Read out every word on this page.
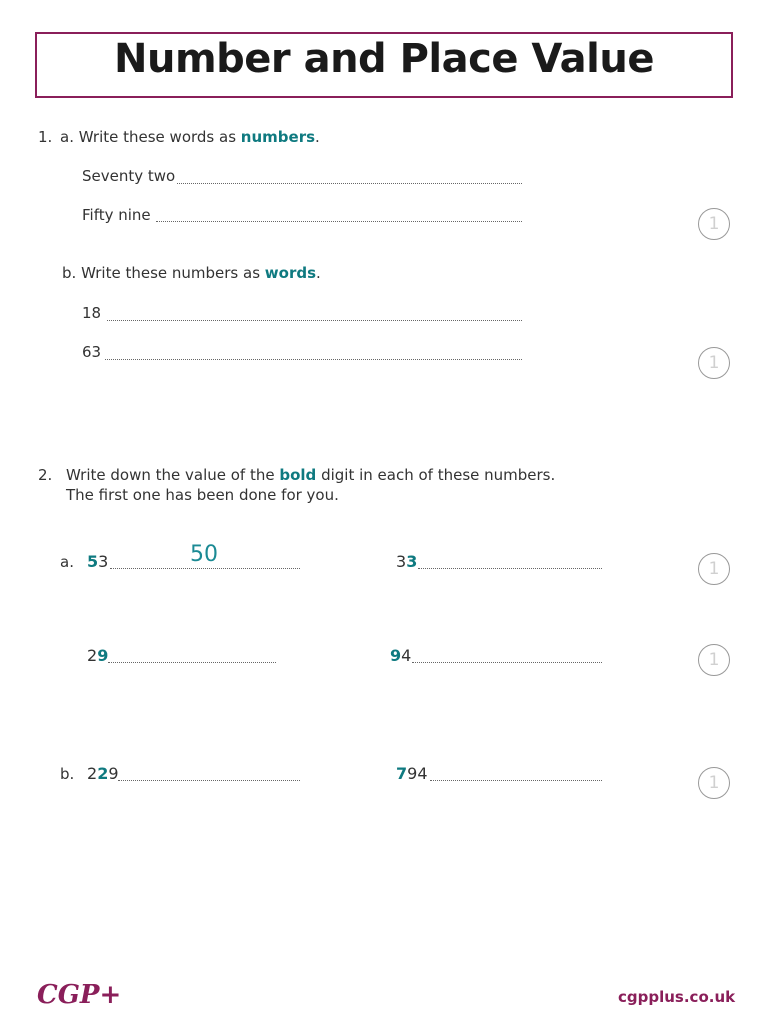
Number and Place Value
1. a. Write these words as numbers.
Seventy two
Fifty nine	1
b. Write these numbers as words.
18
63
1
2. Write down the value of the bold digit in each of these numbers.
The first one has been done for you.
a. 53	50	33	1
29	94	1
b. 229	794	1
CGP+	cgpplus.co.uk
